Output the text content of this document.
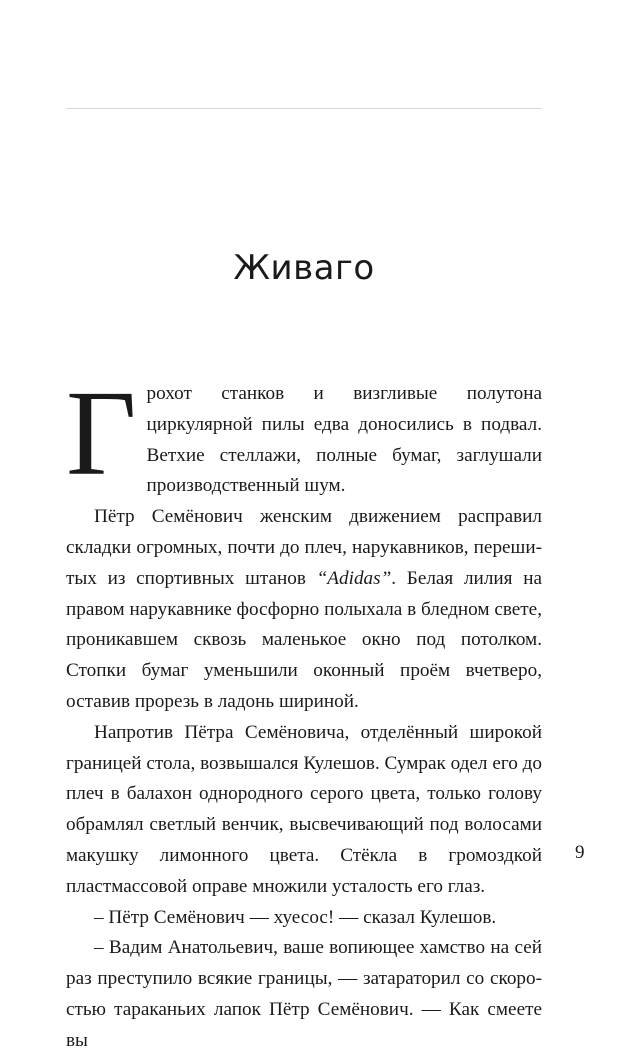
Живаго

Грохот станков и визгливые полутона циркулярной пилы едва доносились в подвал. Ветхие стеллажи, полные бумаг, заглушали производственный шум.

Пётр Семёнович женским движением расправил складки огромных, почти до плеч, нарукавников, перешитых из спортивных штанов “Adidas”. Белая лилия на правом нарукавнике фосфорно полыхала в бледном свете, проникавшем сквозь маленькое окно под потолком. Стопки бумаг уменьшили оконный проём вчетверо, оставив прорезь в ладонь шириной.

Напротив Пётра Семёновича, отделённый широкой границей стола, возвышался Кулешов. Сумрак одел его до плеч в балахон однородного серого цвета, только голову обрамлял светлый венчик, высвечивающий под волосами макушку лимонного цвета. Стёкла в громоздкой пластмассовой оправе множили усталость его глаз.

– Пётр Семёнович — хуесос! — сказал Кулешов.

– Вадим Анатольевич, ваше вопиющее хамство на сей раз преступило всякие границы, — затараторил со скоростью тараканьих лапок Пётр Семёнович. — Как смеете вы

9
